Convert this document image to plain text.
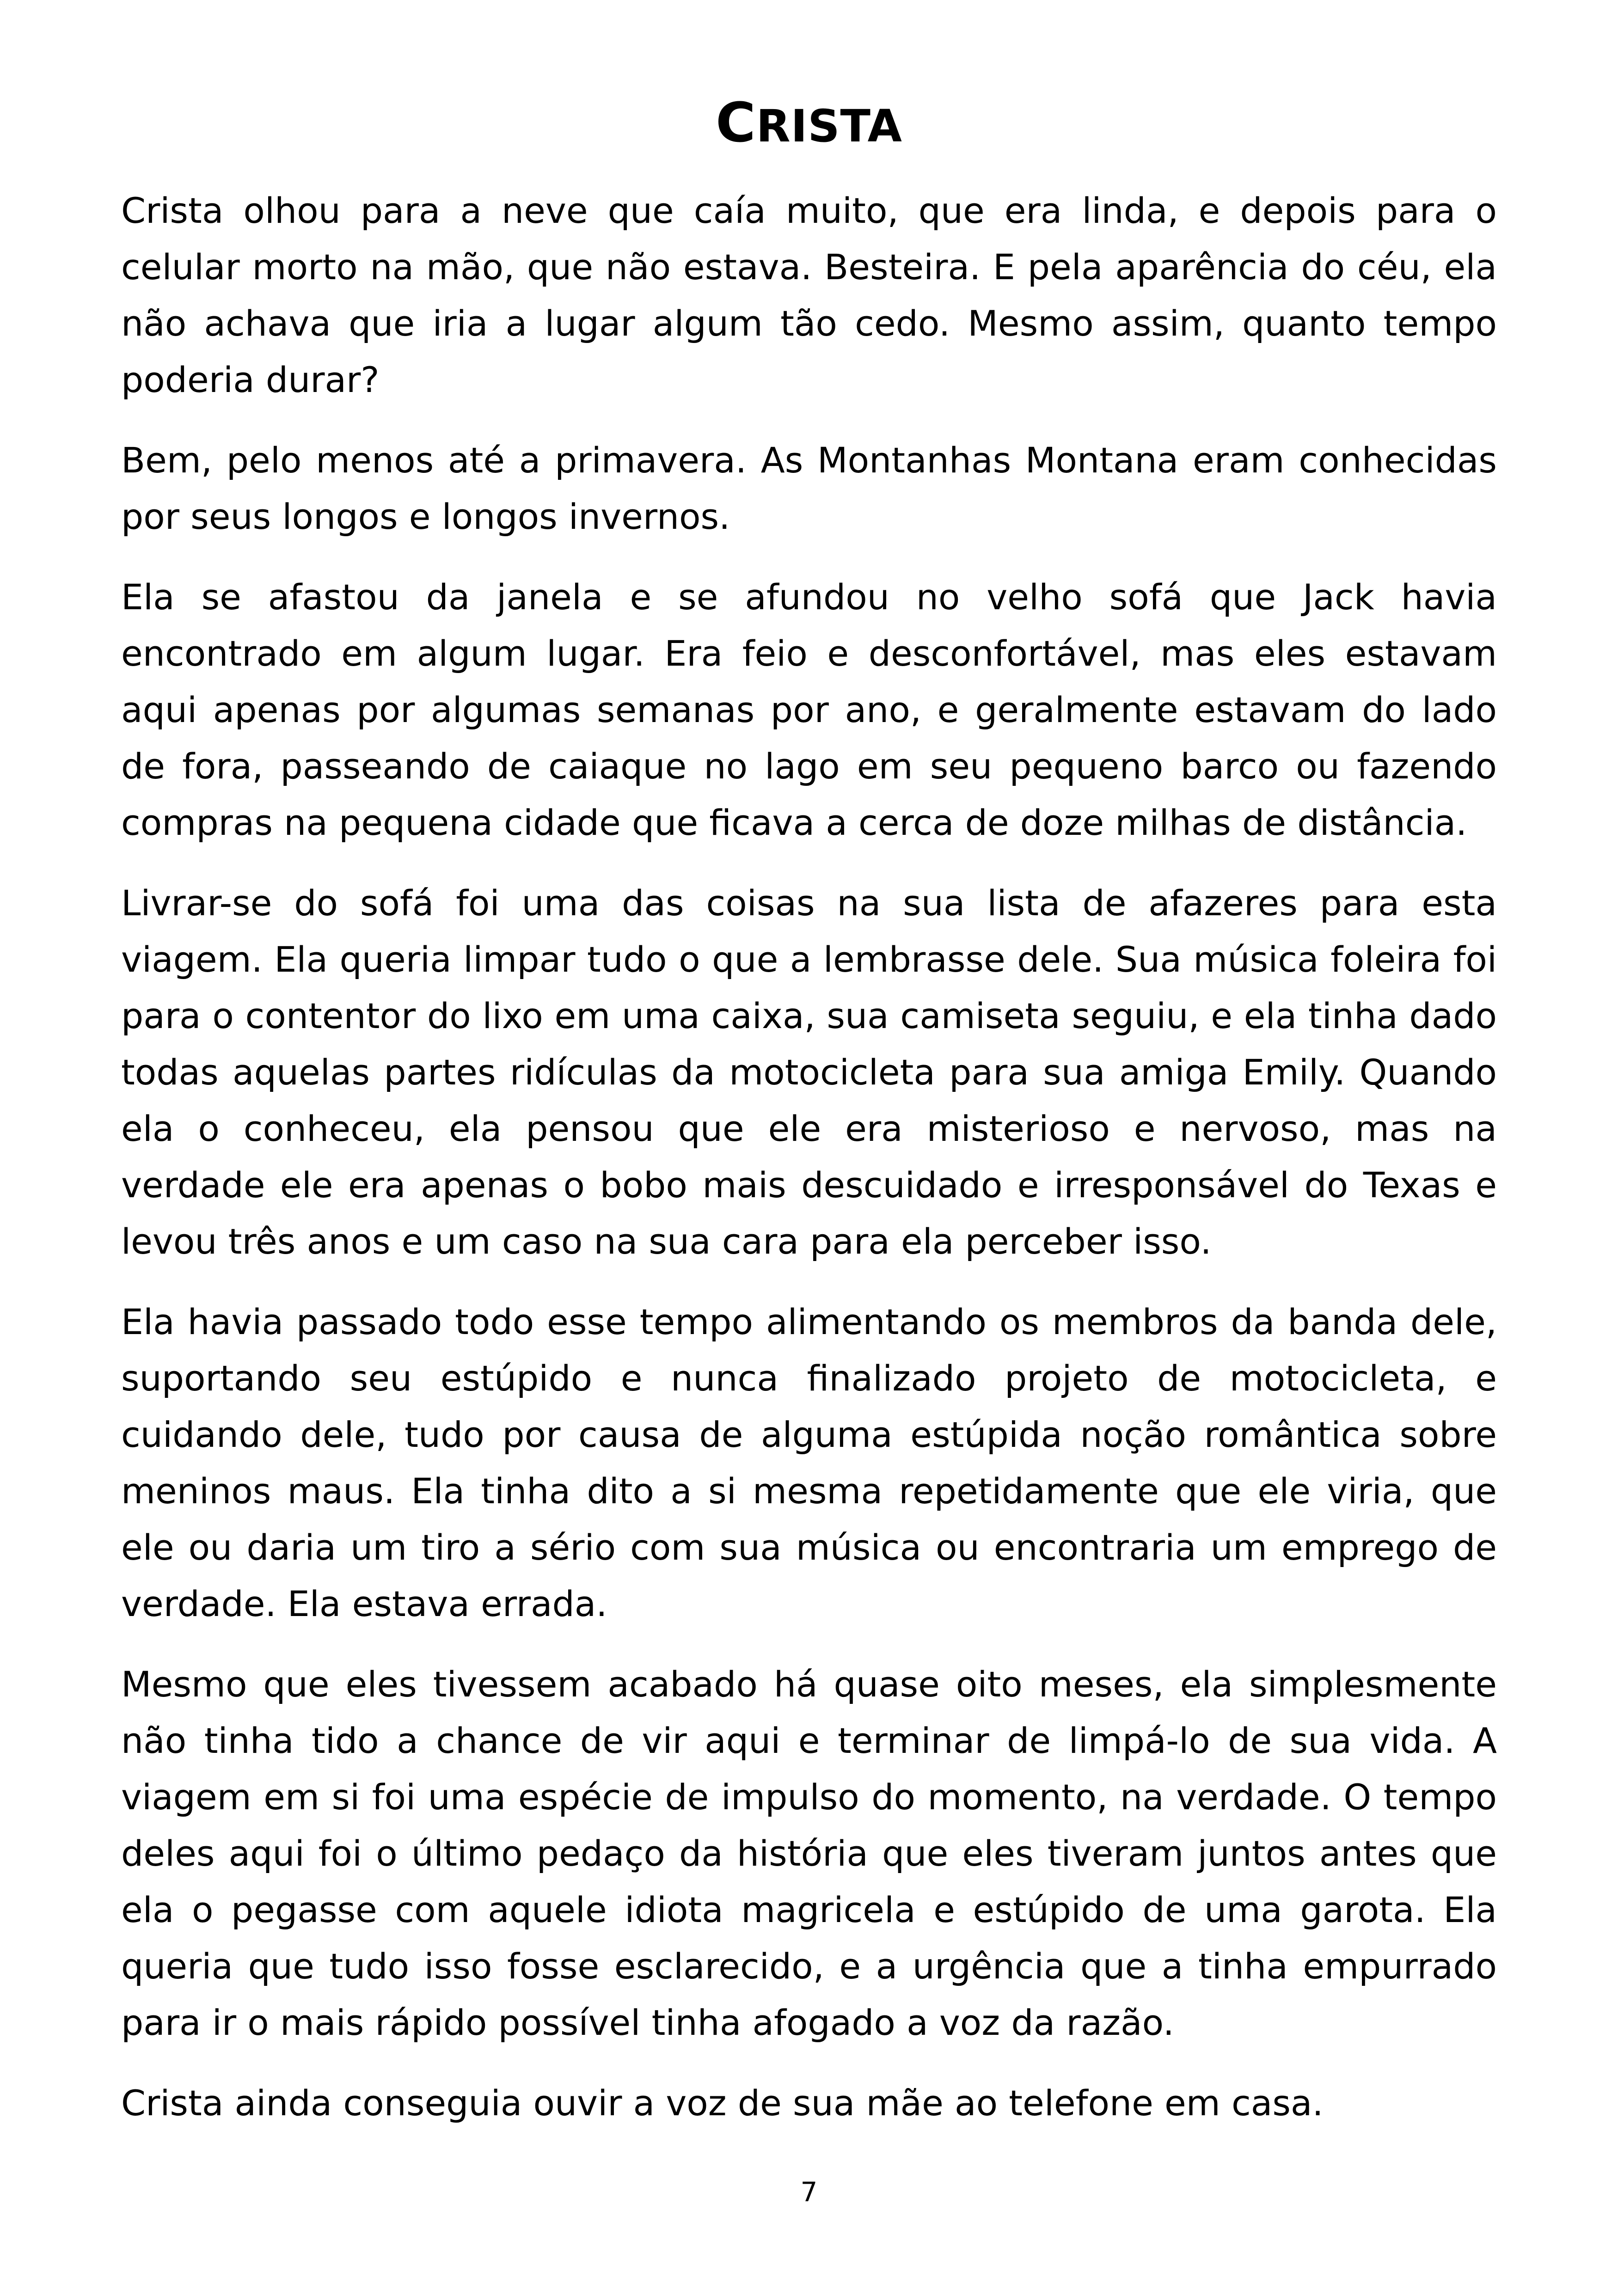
CRISTA

Crista olhou para a neve que caía muito, que era linda, e depois para o celular morto na mão, que não estava. Besteira. E pela aparência do céu, ela não achava que iria a lugar algum tão cedo. Mesmo assim, quanto tempo poderia durar?

Bem, pelo menos até a primavera. As Montanhas Montana eram conhecidas por seus longos e longos invernos.

Ela se afastou da janela e se afundou no velho sofá que Jack havia encontrado em algum lugar. Era feio e desconfortável, mas eles estavam aqui apenas por algumas semanas por ano, e geralmente estavam do lado de fora, passeando de caiaque no lago em seu pequeno barco ou fazendo compras na pequena cidade que ficava a cerca de doze milhas de distância.

Livrar-se do sofá foi uma das coisas na sua lista de afazeres para esta viagem. Ela queria limpar tudo o que a lembrasse dele. Sua música foleira foi para o contentor do lixo em uma caixa, sua camiseta seguiu, e ela tinha dado todas aquelas partes ridículas da motocicleta para sua amiga Emily. Quando ela o conheceu, ela pensou que ele era misterioso e nervoso, mas na verdade ele era apenas o bobo mais descuidado e irresponsável do Texas e levou três anos e um caso na sua cara para ela perceber isso.

Ela havia passado todo esse tempo alimentando os membros da banda dele, suportando seu estúpido e nunca finalizado projeto de motocicleta, e cuidando dele, tudo por causa de alguma estúpida noção romântica sobre meninos maus. Ela tinha dito a si mesma repetidamente que ele viria, que ele ou daria um tiro a sério com sua música ou encontraria um emprego de verdade. Ela estava errada.

Mesmo que eles tivessem acabado há quase oito meses, ela simplesmente não tinha tido a chance de vir aqui e terminar de limpá-lo de sua vida. A viagem em si foi uma espécie de impulso do momento, na verdade. O tempo deles aqui foi o último pedaço da história que eles tiveram juntos antes que ela o pegasse com aquele idiota magricela e estúpido de uma garota. Ela queria que tudo isso fosse esclarecido, e a urgência que a tinha empurrado para ir o mais rápido possível tinha afogado a voz da razão.

Crista ainda conseguia ouvir a voz de sua mãe ao telefone em casa.

7
